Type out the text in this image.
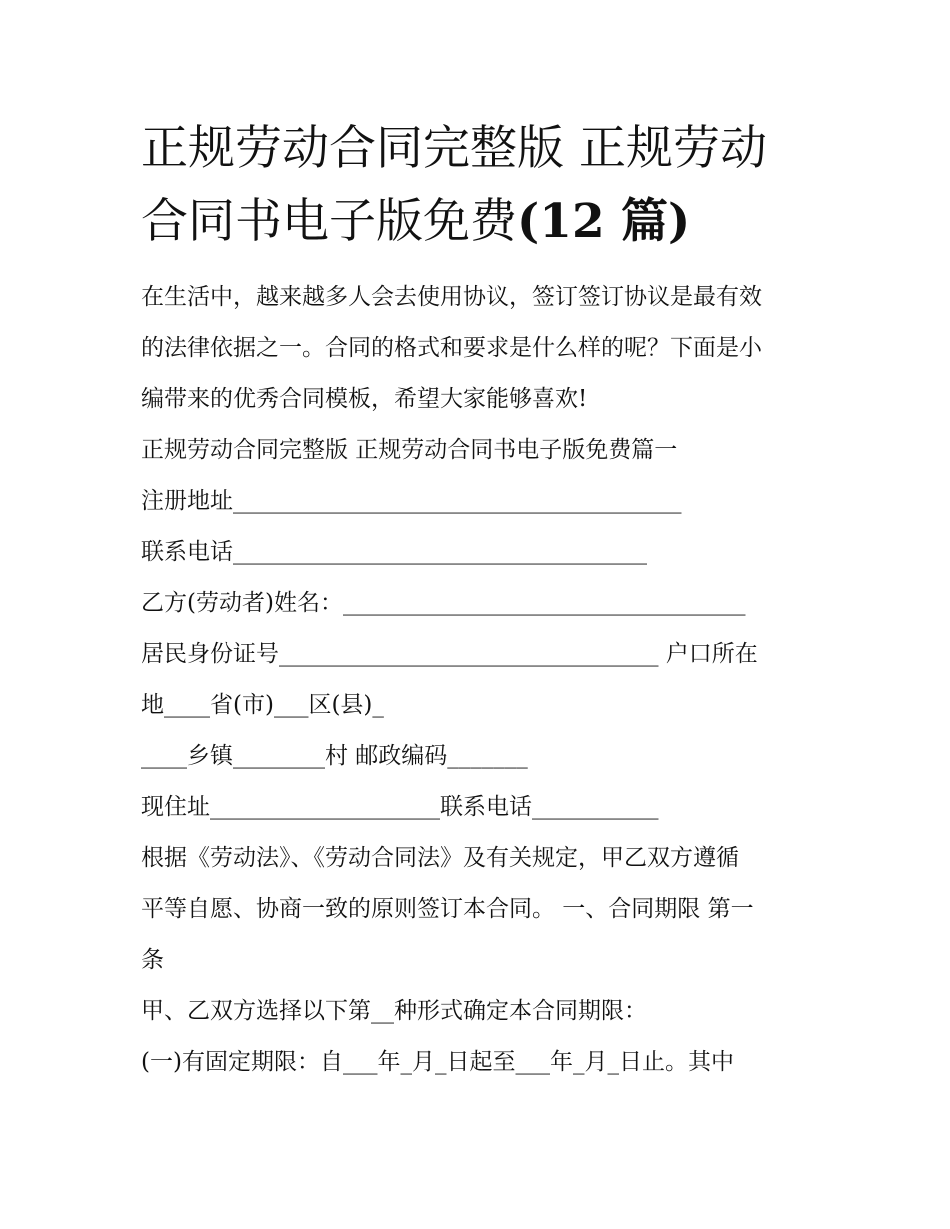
正规劳动合同完整版 正规劳动
合同书电子版免费(12 篇)

在生活中，越来越多人会去使用协议，签订签订协议是最有效

的法律依据之一。合同的格式和要求是什么样的呢？下面是小

编带来的优秀合同模板，希望大家能够喜欢!

正规劳动合同完整版 正规劳动合同书电子版免费篇一

注册地址_______________________________________

联系电话____________________________________

乙方(劳动者)姓名：___________________________________

居民身份证号_________________________________ 户口所在

地____省(市)___区(县)_

____乡镇________村 邮政编码_______

现住址____________________联系电话___________

根据《劳动法》、《劳动合同法》及有关规定，甲乙双方遵循

平等自愿、协商一致的原则签订本合同。 一、合同期限 第一

条

甲、乙双方选择以下第__种形式确定本合同期限：

(一)有固定期限：自___年_月_日起至___年_月_日止。其中
